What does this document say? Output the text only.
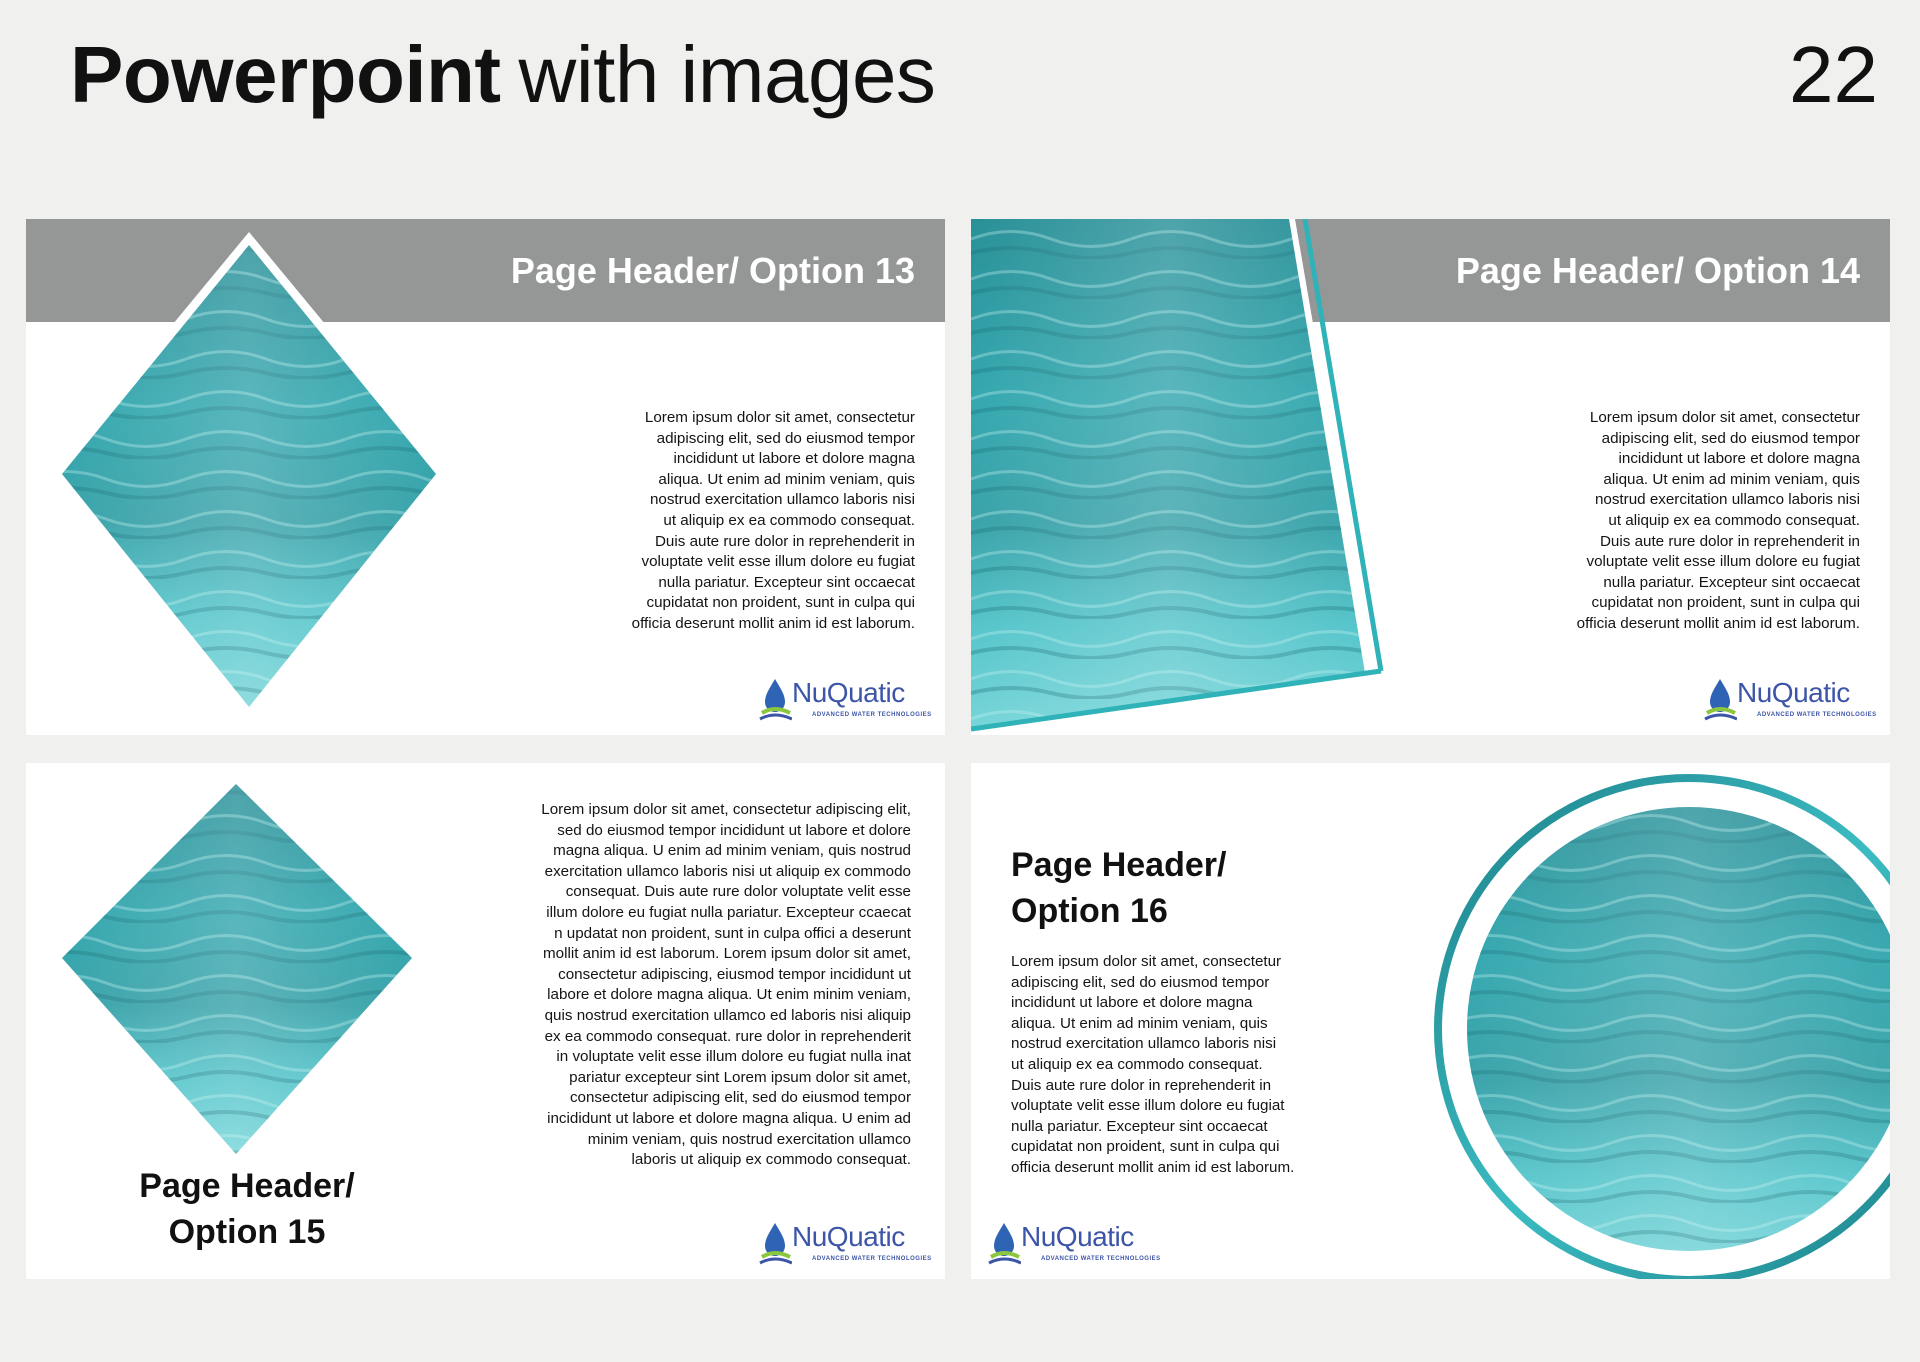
Powerpoint with images	22
Page Header/ Option 13
Lorem ipsum dolor sit amet, consectetur
adipiscing elit, sed do eiusmod tempor
incididunt ut labore et dolore magna
aliqua. Ut enim ad minim veniam, quis
nostrud exercitation ullamco laboris nisi
ut aliquip ex ea commodo consequat.
Duis aute rure dolor in reprehenderit in
voluptate velit esse illum dolore eu fugiat
nulla pariatur. Excepteur sint occaecat
cupidatat non proident, sunt in culpa qui
officia deserunt mollit anim id est laborum.
NuQuatic
ADVANCED WATER TECHNOLOGIES
Page Header/ Option 14
Lorem ipsum dolor sit amet, consectetur
adipiscing elit, sed do eiusmod tempor
incididunt ut labore et dolore magna
aliqua. Ut enim ad minim veniam, quis
nostrud exercitation ullamco laboris nisi
ut aliquip ex ea commodo consequat.
Duis aute rure dolor in reprehenderit in
voluptate velit esse illum dolore eu fugiat
nulla pariatur. Excepteur sint occaecat
cupidatat non proident, sunt in culpa qui
officia deserunt mollit anim id est laborum.
NuQuatic
ADVANCED WATER TECHNOLOGIES
Page Header/
Option 15
Lorem ipsum dolor sit amet, consectetur adipiscing elit,
sed do eiusmod tempor incididunt ut labore et dolore
magna aliqua. U enim ad minim veniam, quis nostrud
exercitation ullamco laboris nisi ut aliquip ex commodo
consequat. Duis aute rure dolor voluptate velit esse
illum dolore eu fugiat nulla pariatur. Excepteur ccaecat
n updatat non proident, sunt in culpa offici a deserunt
mollit anim id est laborum. Lorem ipsum dolor sit amet,
consectetur adipiscing, eiusmod tempor incididunt ut
labore et dolore magna aliqua. Ut enim minim veniam,
quis nostrud exercitation ullamco ed laboris nisi aliquip
ex ea commodo consequat. rure dolor in reprehenderit
in voluptate velit esse illum dolore eu fugiat nulla inat
pariatur excepteur sint Lorem ipsum dolor sit amet,
consectetur adipiscing elit, sed do eiusmod tempor
incididunt ut labore et dolore magna aliqua. U enim ad
minim veniam, quis nostrud exercitation ullamco
laboris ut aliquip ex commodo consequat.
NuQuatic
ADVANCED WATER TECHNOLOGIES
Page Header/
Option 16
Lorem ipsum dolor sit amet, consectetur
adipiscing elit, sed do eiusmod tempor
incididunt ut labore et dolore magna
aliqua. Ut enim ad minim veniam, quis
nostrud exercitation ullamco laboris nisi
ut aliquip ex ea commodo consequat.
Duis aute rure dolor in reprehenderit in
voluptate velit esse illum dolore eu fugiat
nulla pariatur. Excepteur sint occaecat
cupidatat non proident, sunt in culpa qui
officia deserunt mollit anim id est laborum.
NuQuatic
ADVANCED WATER TECHNOLOGIES
